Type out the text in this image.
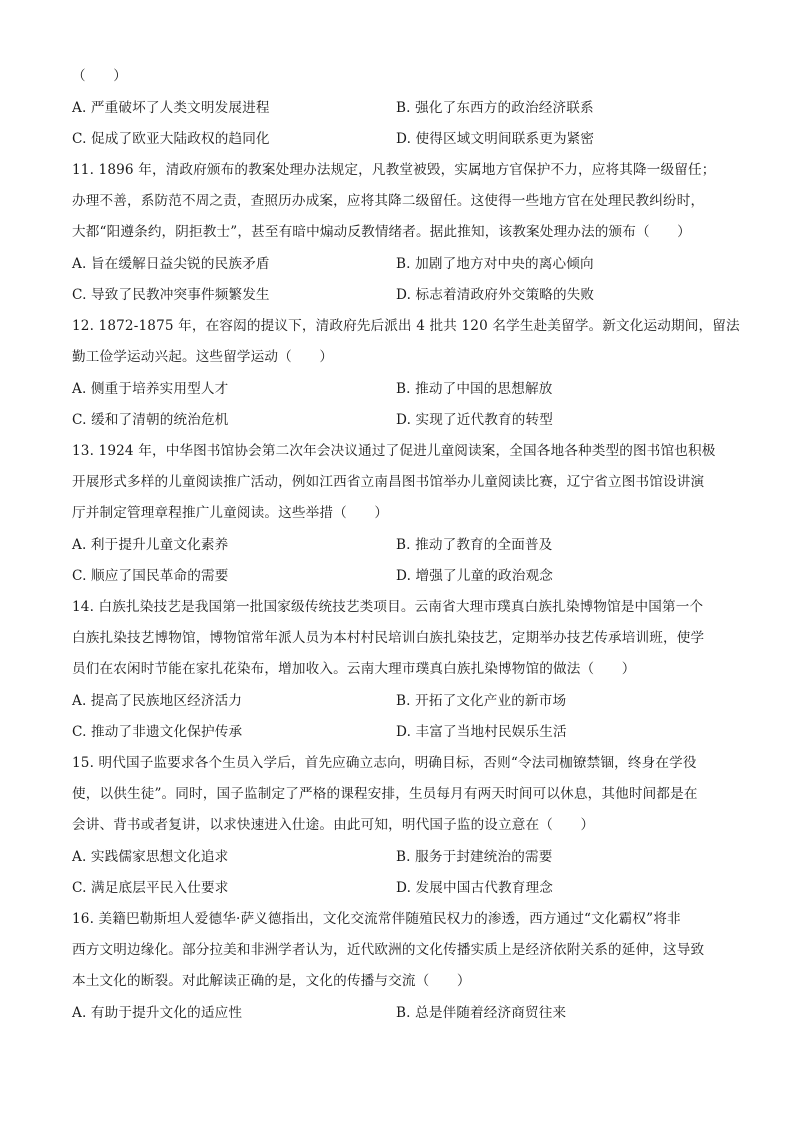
（　　）
A. 严重破坏了人类文明发展进程	B. 强化了东西方的政治经济联系
C. 促成了欧亚大陆政权的趋同化	D. 使得区域文明间联系更为紧密
11. 1896 年，清政府颁布的教案处理办法规定，凡教堂被毁，实属地方官保护不力，应将其降一级留任；
办理不善，系防范不周之责，查照历办成案，应将其降二级留任。这使得一些地方官在处理民教纠纷时，
大都“阳遵条约，阴拒教士”，甚至有暗中煽动反教情绪者。据此推知，该教案处理办法的颁布（　　）
A. 旨在缓解日益尖锐的民族矛盾	B. 加剧了地方对中央的离心倾向
C. 导致了民教冲突事件频繁发生	D. 标志着清政府外交策略的失败
12. 1872-1875 年，在容闳的提议下，清政府先后派出 4 批共 120 名学生赴美留学。新文化运动期间，留法
勤工俭学运动兴起。这些留学运动（　　）
A. 侧重于培养实用型人才	B. 推动了中国的思想解放
C. 缓和了清朝的统治危机	D. 实现了近代教育的转型
13. 1924 年，中华图书馆协会第二次年会决议通过了促进儿童阅读案，全国各地各种类型的图书馆也积极
开展形式多样的儿童阅读推广活动，例如江西省立南昌图书馆举办儿童阅读比赛，辽宁省立图书馆设讲演
厅并制定管理章程推广儿童阅读。这些举措（　　）
A. 利于提升儿童文化素养	B. 推动了教育的全面普及
C. 顺应了国民革命的需要	D. 增强了儿童的政治观念
14. 白族扎染技艺是我国第一批国家级传统技艺类项目。云南省大理市璞真白族扎染博物馆是中国第一个
白族扎染技艺博物馆，博物馆常年派人员为本村村民培训白族扎染技艺，定期举办技艺传承培训班，使学
员们在农闲时节能在家扎花染布，增加收入。云南大理市璞真白族扎染博物馆的做法（　　）
A. 提高了民族地区经济活力	B. 开拓了文化产业的新市场
C. 推动了非遗文化保护传承	D. 丰富了当地村民娱乐生活
15. 明代国子监要求各个生员入学后，首先应确立志向，明确目标，否则“令法司枷镣禁锢，终身在学役
使，以供生徒”。同时，国子监制定了严格的课程安排，生员每月有两天时间可以休息，其他时间都是在
会讲、背书或者复讲，以求快速进入仕途。由此可知，明代国子监的设立意在（　　）
A. 实践儒家思想文化追求	B. 服务于封建统治的需要
C. 满足底层平民入仕要求	D. 发展中国古代教育理念
16. 美籍巴勒斯坦人爱德华·萨义德指出，文化交流常伴随殖民权力的渗透，西方通过“文化霸权”将非
西方文明边缘化。部分拉美和非洲学者认为，近代欧洲的文化传播实质上是经济依附关系的延伸，这导致
本土文化的断裂。对此解读正确的是，文化的传播与交流（　　）
A. 有助于提升文化的适应性	B. 总是伴随着经济商贸往来
